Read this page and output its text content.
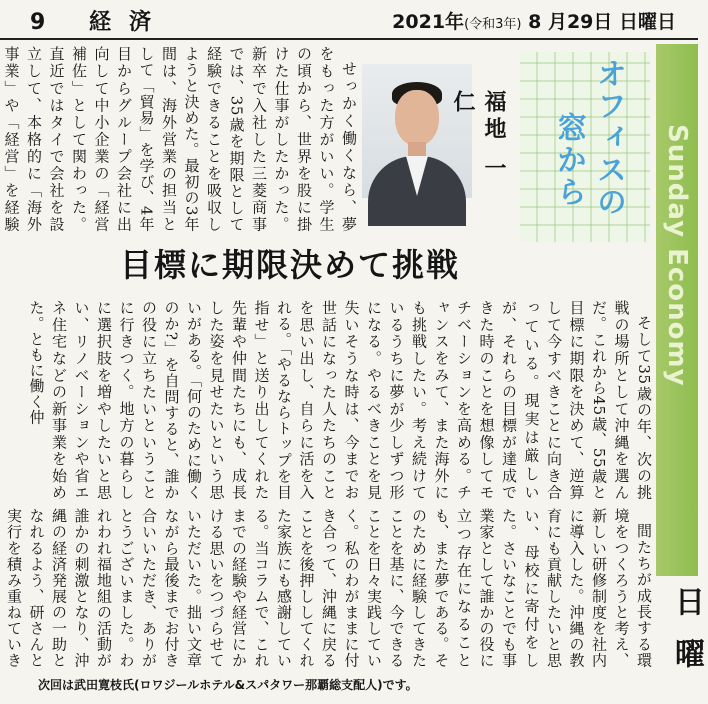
9 経済	2021年(令和3年) 8 月29日 日曜日

せっかく働くなら、夢をもった方がいい。学生の頃から、世界を股に掛けた仕事がしたかった。新卒で入社した三菱商事では、35歳を期限として経験できることを吸収しようと決めた。最初の3年間は、海外営業の担当として「貿易」を学び、4年目からグループ会社に出向して中小企業の「経営補佐」として関わった。直近ではタイで会社を設立して、本格的に「海外事業」や「経営」を経験

福地 一仁	オフィスの
窓から	Sunday Economy
日曜
目標に期限決めて挑戦

そして35歳の年、次の挑戦の場所として沖縄を選んだ。これから45歳、55歳と目標に期限を決めて、逆算して今すべきことに向き合っている。現実は厳しいが、それらの目標が達成できた時のことを想像してモチベーションを高める。チャンスをみて、また海外にも挑戦したい。考え続けているうちに夢が少しずつ形になる。やるべきことを見失いそうな時は、今までお世話になった人たちのことを思い出し、自らに活を入れる。「やるならトップを目指せ」と送り出してくれた先輩や仲間たちにも、成長した姿を見せたいという思いがある。「何のために働くのか?」を自問すると、誰かの役に立ちたいということに行きつく。地方の暮らしに選択肢を増やしたいと思い、リノベーションや省エネ住宅などの新事業を始めた。ともに働く仲

間たちが成長する環境をつくろうと考え、新しい研修制度を社内に導入した。沖縄の教育にも貢献したいと思い、母校に寄付をした。さいなことでも事業家として誰かの役に立つ存在になることも、また夢である。そのために経験してきたことを基に、今できることを日々実践していく。私のわがままに付き合って、沖縄に戻ることを後押ししてくれた家族にも感謝している。当コラムで、これまでの経験や経営にかける思いをつづらせていただいた。拙い文章ながら最後までお付き合いいただき、ありがとうございました。われわれ福地組の活動が誰かの刺激となり、沖縄の経済発展の一助となれるよう、研さんと実行を積み重ねていき

次回は武田寛枝氏(ロワジールホテル&スパタワー那覇総支配人)です。
